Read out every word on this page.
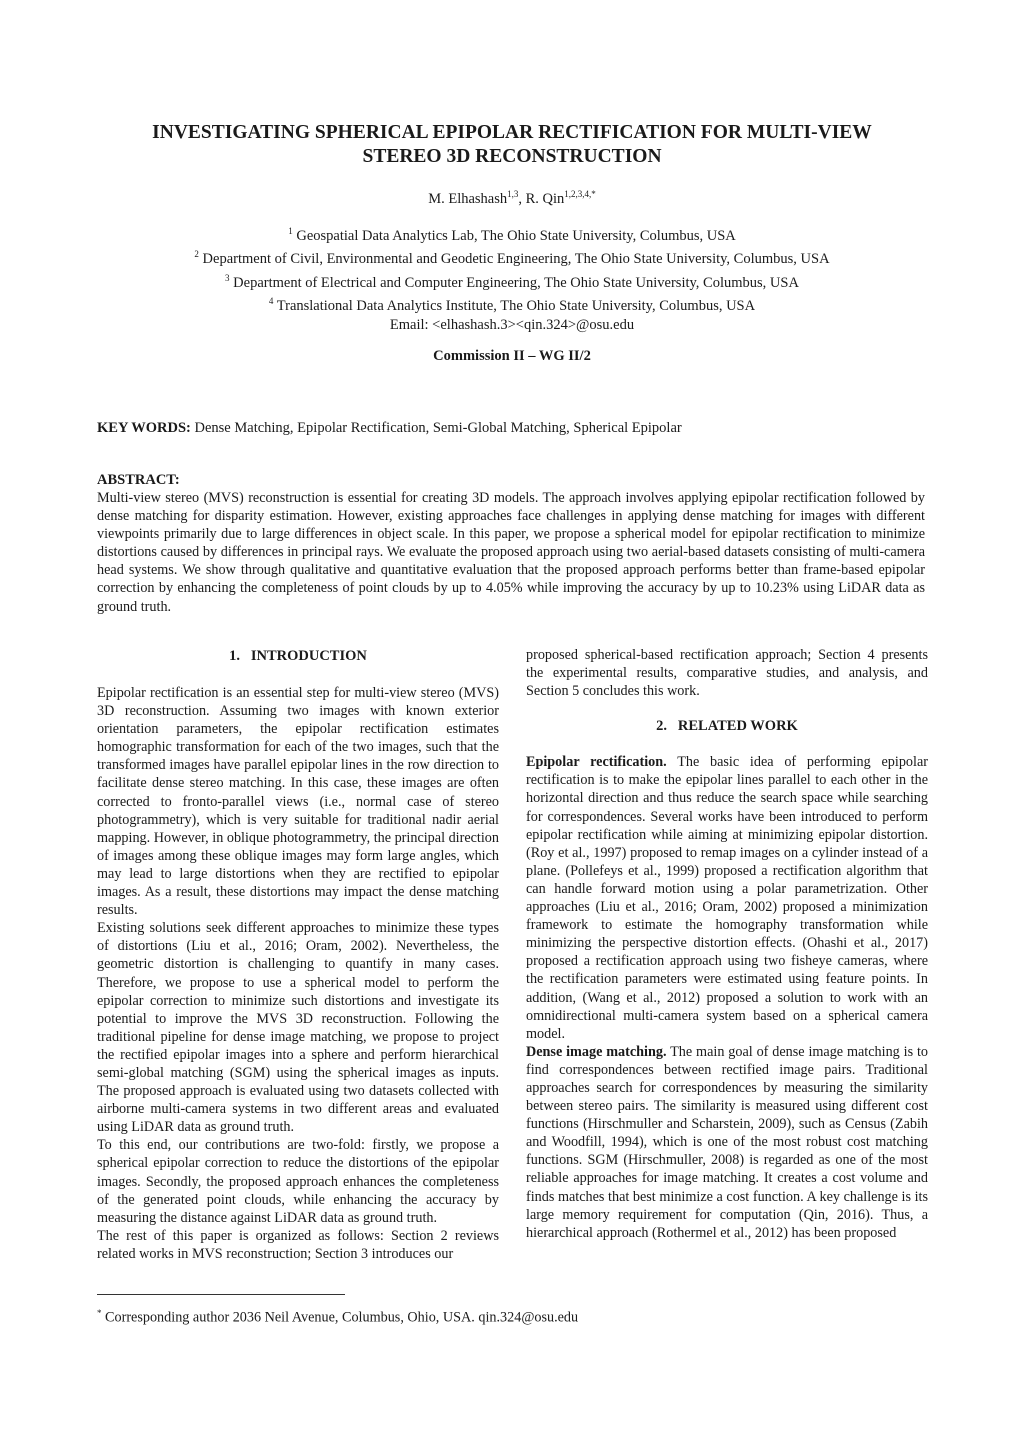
INVESTIGATING SPHERICAL EPIPOLAR RECTIFICATION FOR MULTI-VIEW
STEREO 3D RECONSTRUCTION
M. Elhashash$^{1,3}$, R. Qin$^{1,2,3,4,*}$
$^1$ Geospatial Data Analytics Lab, The Ohio State University, Columbus, USA
$^2$ Department of Civil, Environmental and Geodetic Engineering, The Ohio State University, Columbus, USA
$^3$ Department of Electrical and Computer Engineering, The Ohio State University, Columbus, USA
$^4$ Translational Data Analytics Institute, The Ohio State University, Columbus, USA
Email: <elhashash.3><qin.324>@osu.edu
Commission II – WG II/2
KEY WORDS: Dense Matching, Epipolar Rectification, Semi-Global Matching, Spherical Epipolar
ABSTRACT:
Multi-view stereo (MVS) reconstruction is essential for creating 3D models. The approach involves applying epipolar rectification followed by dense matching for disparity estimation. However, existing approaches face challenges in applying dense matching for images with different viewpoints primarily due to large differences in object scale. In this paper, we propose a spherical model for epipolar rectification to minimize distortions caused by differences in principal rays. We evaluate the proposed approach using two aerial-based datasets consisting of multi-camera head systems. We show through qualitative and quantitative evaluation that the proposed approach performs better than frame-based epipolar correction by enhancing the completeness of point clouds by up to 4.05% while improving the accuracy by up to 10.23% using LiDAR data as ground truth.
1.   INTRODUCTION

Epipolar rectification is an essential step for multi-view stereo (MVS) 3D reconstruction. Assuming two images with known exterior orientation parameters, the epipolar rectification estimates homographic transformation for each of the two images, such that the transformed images have parallel epipolar lines in the row direction to facilitate dense stereo matching. In this case, these images are often corrected to fronto-parallel views (i.e., normal case of stereo photogrammetry), which is very suitable for traditional nadir aerial mapping. However, in oblique photogrammetry, the principal direction of images among these oblique images may form large angles, which may lead to large distortions when they are rectified to epipolar images. As a result, these distortions may impact the dense matching results.

Existing solutions seek different approaches to minimize these types of distortions (Liu et al., 2016; Oram, 2002). Nevertheless, the geometric distortion is challenging to quantify in many cases. Therefore, we propose to use a spherical model to perform the epipolar correction to minimize such distortions and investigate its potential to improve the MVS 3D reconstruction. Following the traditional pipeline for dense image matching, we propose to project the rectified epipolar images into a sphere and perform hierarchical semi-global matching (SGM) using the spherical images as inputs. The proposed approach is evaluated using two datasets collected with airborne multi-camera systems in two different areas and evaluated using LiDAR data as ground truth.

To this end, our contributions are two-fold: firstly, we propose a spherical epipolar correction to reduce the distortions of the epipolar images. Secondly, the proposed approach enhances the completeness of the generated point clouds, while enhancing the accuracy by measuring the distance against LiDAR data as ground truth.

The rest of this paper is organized as follows: Section 2 reviews related works in MVS reconstruction; Section 3 introduces our

proposed spherical-based rectification approach; Section 4 presents the experimental results, comparative studies, and analysis, and Section 5 concludes this work.

2.   RELATED WORK

Epipolar rectification. The basic idea of performing epipolar rectification is to make the epipolar lines parallel to each other in the horizontal direction and thus reduce the search space while searching for correspondences. Several works have been introduced to perform epipolar rectification while aiming at minimizing epipolar distortion. (Roy et al., 1997) proposed to remap images on a cylinder instead of a plane. (Pollefeys et al., 1999) proposed a rectification algorithm that can handle forward motion using a polar parametrization. Other approaches (Liu et al., 2016; Oram, 2002) proposed a minimization framework to estimate the homography transformation while minimizing the perspective distortion effects. (Ohashi et al., 2017) proposed a rectification approach using two fisheye cameras, where the rectification parameters were estimated using feature points. In addition, (Wang et al., 2012) proposed a solution to work with an omnidirectional multi-camera system based on a spherical camera model.

Dense image matching. The main goal of dense image matching is to find correspondences between rectified image pairs. Traditional approaches search for correspondences by measuring the similarity between stereo pairs. The similarity is measured using different cost functions (Hirschmuller and Scharstein, 2009), such as Census (Zabih and Woodfill, 1994), which is one of the most robust cost matching functions. SGM (Hirschmuller, 2008) is regarded as one of the most reliable approaches for image matching. It creates a cost volume and finds matches that best minimize a cost function. A key challenge is its large memory requirement for computation (Qin, 2016). Thus, a hierarchical approach (Rothermel et al., 2012) has been proposed

* Corresponding author 2036 Neil Avenue, Columbus, Ohio, USA. qin.324@osu.edu
